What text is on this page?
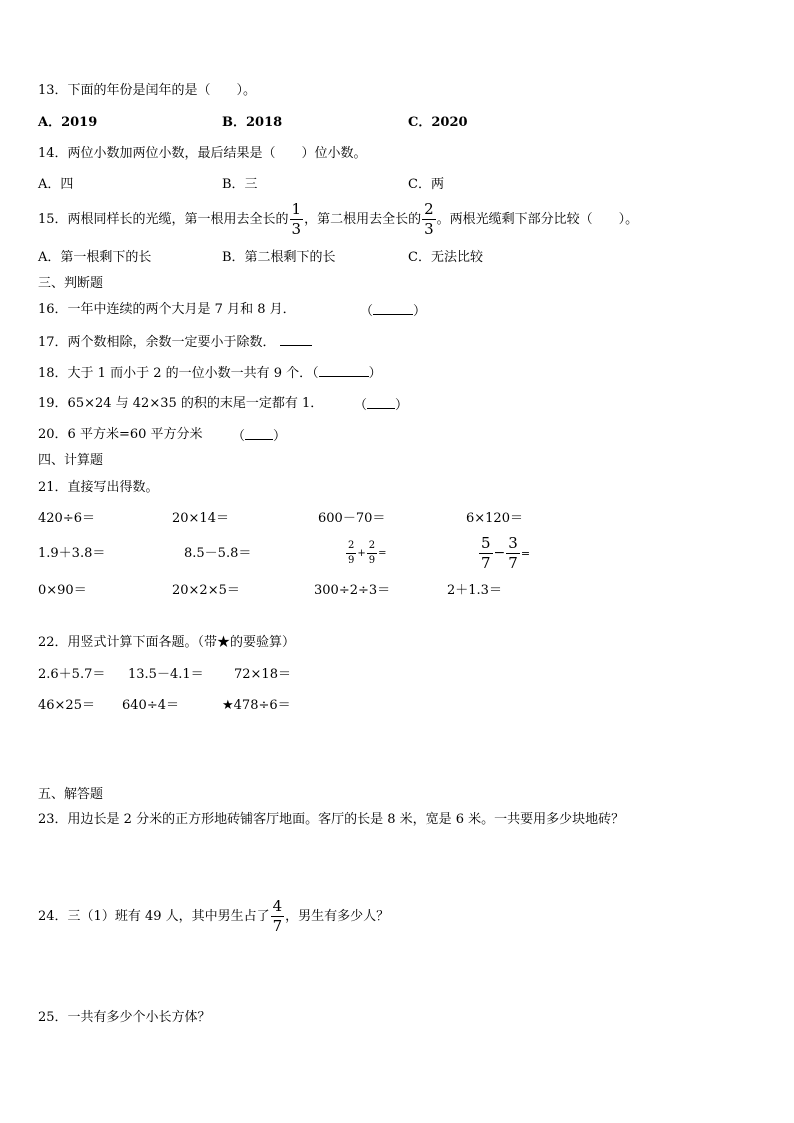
13．下面的年份是闰年的是（　　）。
A．2019	B．2018	C．2020
14．两位小数加两位小数，最后结果是（　　）位小数。
A．四	B．三	C．两
15．两根同样长的光缆，第一根用去全长的 $\frac{1}{3}$ ，第二根用去全长的 $\frac{2}{3}$ 。两根光缆剩下部分比较（　　）。
A．第一根剩下的长	B．第二根剩下的长	C．无法比较
三、判断题
16．一年中连续的两个大月是 7 月和 8 月．	（	）
17．两个数相除，余数一定要小于除数．
18．大于 1 而小于 2 的一位小数一共有 9 个．（	）
19．65×24 与 42×35 的积的末尾一定都有 1． （ ）
20．6 平方米=60 平方分米 （ ）
四、计算题
21．直接写出得数。
420÷6＝	20×14＝	600－70＝	6×120＝
1.9＋3.8＝	8.5－5.8＝	$\frac{2}{9} + \frac{2}{9}$ =	$\frac{5}{7} - \frac{3}{7}$ =
0×90＝	20×2×5＝	300÷2÷3＝	2＋1.3＝
22．用竖式计算下面各题。（带★的要验算）
2.6＋5.7＝ 13.5－4.1＝ 72×18＝
46×25＝ 640÷4＝	★478÷6＝
五、解答题
23．用边长是 2 分米的正方形地砖铺客厅地面。客厅的长是 8 米，宽是 6 米。一共要用多少块地砖？
24．三（1）班有 49 人，其中男生占了 $\frac{4}{7}$ ，男生有多少人？
25．一共有多少个小长方体？
